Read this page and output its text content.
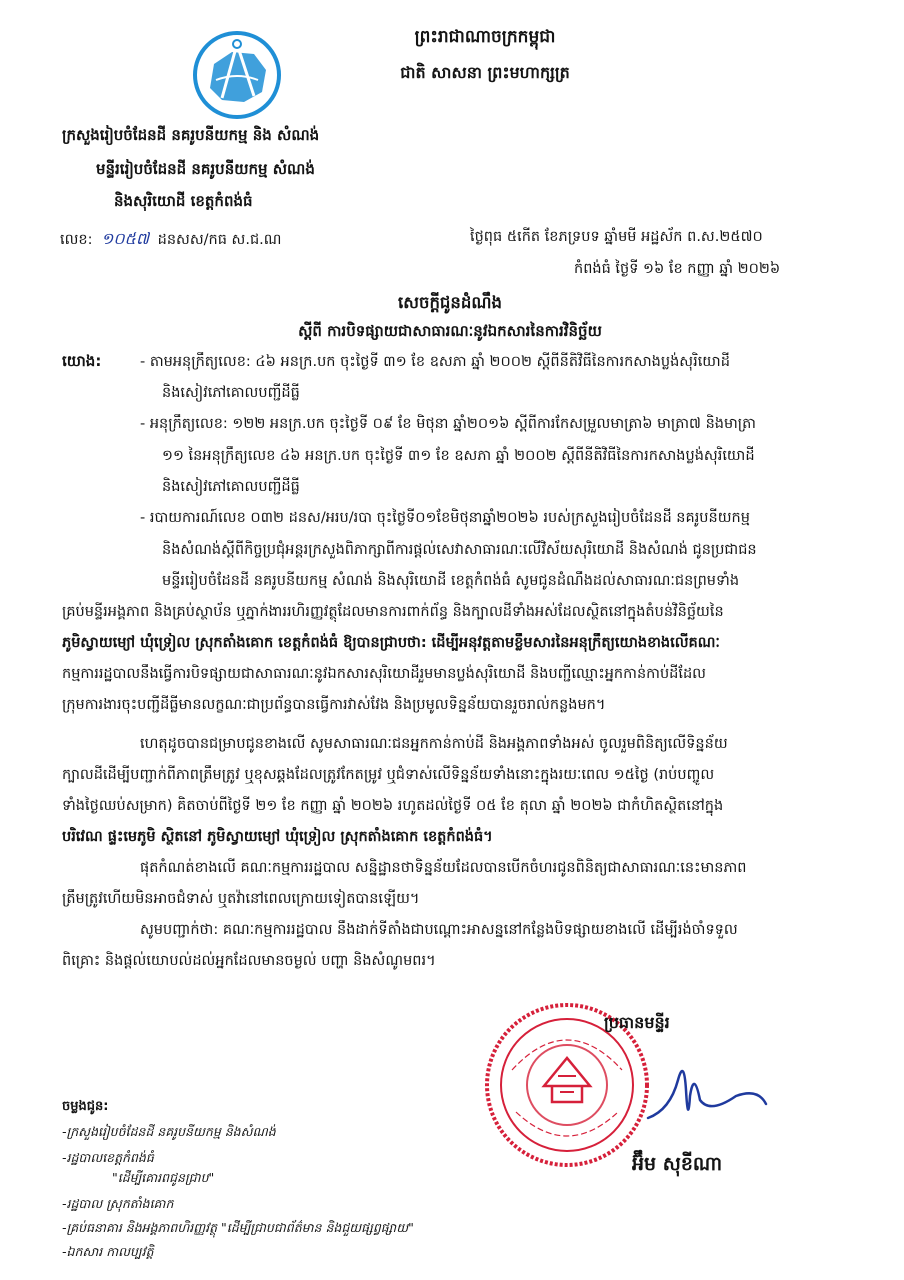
ព្រះរាជាណាចក្រកម្ពុជា
ជាតិ សាសនា ព្រះមហាក្សត្រ
ក្រសួងរៀបចំដែនដី នគរូបនីយកម្ម និង សំណង់
មន្ទីររៀបចំដែនដី នគរូបនីយកម្ម សំណង់
និងសុរិយោដី ខេត្តកំពង់ធំ
លេខ: ១០៥៧ ដនសស/កធ ស.ជ.ណ	ថ្ងៃពុធ ៥កើត ខែភទ្របទ ឆ្នាំមមី អដ្ឋស័ក ព.ស.២៥៧០
កំពង់ធំ ថ្ងៃទី ១៦ ខែ កញ្ញា ឆ្នាំ ២០២៦
សេចក្តីជូនដំណឹង
ស្តីពី ការបិទផ្សាយជាសាធារណៈនូវឯកសារនៃការវិនិច្ឆ័យ
យោង:	- តាមអនុក្រឹត្យលេខ: ៤៦ អនក្រ.បក ចុះថ្ងៃទី ៣១ ខែ ឧសភា ឆ្នាំ ២០០២ ស្តីពីនីតិវិធីនៃការកសាងប្លង់សុរិយោដី
និងសៀវភៅគោលបញ្ជីដីធ្លី
- អនុក្រឹត្យលេខ: ១២២ អនក្រ.បក ចុះថ្ងៃទី ០៩ ខែ មិថុនា ឆ្នាំ២០១៦ ស្តីពីការកែសម្រួលមាត្រា៦ មាត្រា៧ និងមាត្រា
១១ នៃអនុក្រឹត្យលេខ ៤៦ អនក្រ.បក ចុះថ្ងៃទី ៣១ ខែ ឧសភា ឆ្នាំ ២០០២ ស្តីពីនីតិវិធីនៃការកសាងប្លង់សុរិយោដី
និងសៀវភៅគោលបញ្ជីដីធ្លី
- របាយការណ៍លេខ ០៣២ ដនស/អរប/របា ចុះថ្ងៃទី០១ខែមិថុនាឆ្នាំ២០២៦ របស់ក្រសួងរៀបចំដែនដី នគរូបនីយកម្ម
និងសំណង់ស្តីពីកិច្ចប្រជុំអន្តរក្រសួងពិភាក្សាពីការផ្តល់សេវាសាធារណៈលើវិស័យសុរិយោដី និងសំណង់ ជូនប្រជាជន
មន្ទីររៀបចំដែនដី នគរូបនីយកម្ម សំណង់ និងសុរិយោដី ខេត្តកំពង់ធំ សូមជូនដំណឹងដល់សាធារណៈជនព្រមទាំង
គ្រប់មន្ទីរអង្គភាព និងគ្រប់ស្ថាប័ន ឬភ្នាក់ងាររហិរញ្ញវត្ថុដែលមានការពាក់ព័ន្ធ និងក្បាលដីទាំងអស់ដែលស្ថិតនៅក្នុងតំបន់វិនិច្ឆ័យនៃ
ភូមិស្វាយម្យៅ ឃុំទ្រៀល ស្រុកតាំងគោក ខេត្តកំពង់ធំ ឱ្យបានជ្រាបថា: ដើម្បីអនុវត្តតាមខ្លឹមសារនៃអនុក្រឹត្យយោងខាងលើគណៈ
កម្មការរដ្ឋបាលនឹងធ្វើការបិទផ្សាយជាសាធារណៈនូវឯកសារសុរិយោដីរួមមានប្លង់សុរិយោដី និងបញ្ជីឈ្មោះអ្នកកាន់កាប់ដីដែល
ក្រុមការងារចុះបញ្ជីដីធ្លីមានលក្ខណៈជាប្រព័ន្ធបានធ្វើការវាស់វែង និងប្រមូលទិន្នន័យបានរួចរាល់កន្លងមក។
ហេតុដូចបានជម្រាបជូនខាងលើ សូមសាធារណៈជនអ្នកកាន់កាប់ដី និងអង្គភាពទាំងអស់ ចូលរួមពិនិត្យលើទិន្នន័យ
ក្បាលដីដើម្បីបញ្ជាក់ពីភាពត្រឹមត្រូវ ឬខុសឆ្គងដែលត្រូវកែតម្រូវ ឬជំទាស់លើទិន្នន័យទាំងនោះក្នុងរយៈពេល ១៥ថ្ងៃ (រាប់បញ្ចូល
ទាំងថ្ងៃឈប់សម្រាក) គិតចាប់ពីថ្ងៃទី ២១ ខែ កញ្ញា ឆ្នាំ ២០២៦ រហូតដល់ថ្ងៃទី ០៥ ខែ តុលា ឆ្នាំ ២០២៦ ជាកំហិតស្ថិតនៅក្នុង
បរិវេណ ផ្ទះមេភូមិ ស្ថិតនៅ ភូមិស្វាយម្យៅ ឃុំទ្រៀល ស្រុកតាំងគោក ខេត្តកំពង់ធំ។
ផុតកំណត់ខាងលើ គណៈកម្មការរដ្ឋបាល សន្និដ្ឋានថាទិន្នន័យដែលបានបើកចំហរជូនពិនិត្យជាសាធារណៈនេះមានភាព
ត្រឹមត្រូវហើយមិនអាចជំទាស់ ឬតវ៉ានៅពេលក្រោយទៀតបានឡើយ។
សូមបញ្ជាក់ថា: គណៈកម្មការរដ្ឋបាល នឹងដាក់ទីតាំងជាបណ្តោះអាសន្ននៅកន្លែងបិទផ្សាយខាងលើ ដើម្បីរង់ចាំទទួល
ពិគ្រោះ និងផ្តល់យោបល់ដល់អ្នកដែលមានចម្ងល់ បញ្ហា និងសំណូមពរ។
ប្រធានមន្ទីរ
អ៊ឹម សុខីណា
ចម្លងជូន:
-ក្រសួងរៀបចំដែនដី នគរូបនីយកម្ម និងសំណង់
-រដ្ឋបាលខេត្តកំពង់ធំ
"ដើម្បីគោរពជូនជ្រាប"
-រដ្ឋបាល ស្រុកតាំងគោក
-គ្រប់ធនាគារ និងអង្គភាពហិរញ្ញវត្ថុ "ដើម្បីជ្រាបជាព័ត៌មាន និងជួយផ្សព្វផ្សាយ"
-ឯកសារ កាលប្បវត្តិ
